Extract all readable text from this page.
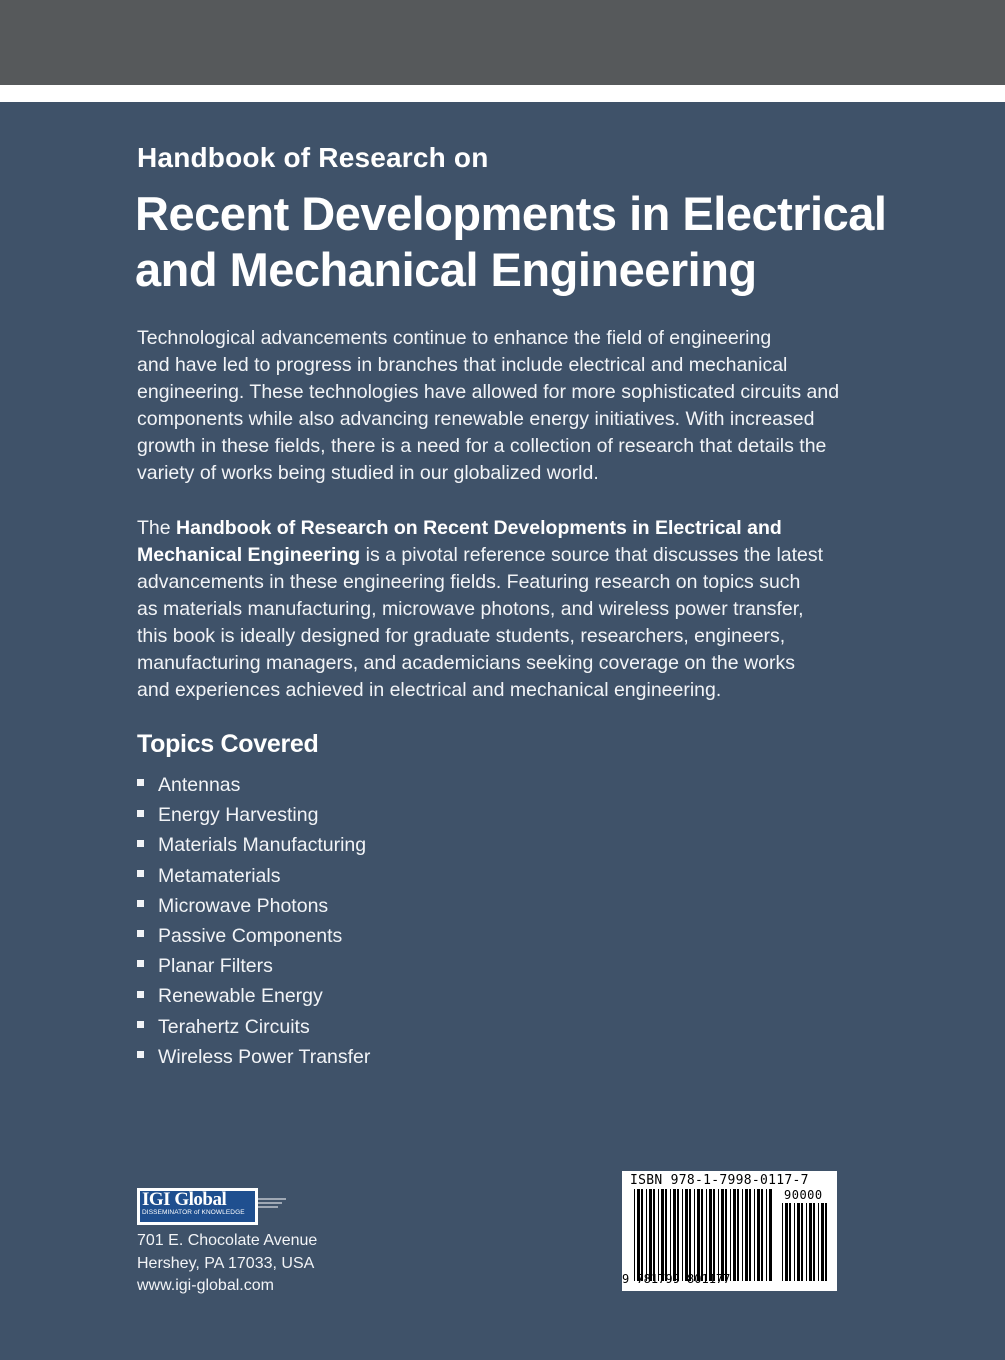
Handbook of Research on
Recent Developments in Electrical
and Mechanical Engineering
Technological advancements continue to enhance the field of engineering
and have led to progress in branches that include electrical and mechanical
engineering. These technologies have allowed for more sophisticated circuits and
components while also advancing renewable energy initiatives. With increased
growth in these fields, there is a need for a collection of research that details the
variety of works being studied in our globalized world.
The Handbook of Research on Recent Developments in Electrical and
Mechanical Engineering is a pivotal reference source that discusses the latest
advancements in these engineering fields. Featuring research on topics such
as materials manufacturing, microwave photons, and wireless power transfer,
this book is ideally designed for graduate students, researchers, engineers,
manufacturing managers, and academicians seeking coverage on the works
and experiences achieved in electrical and mechanical engineering.
Topics Covered
Antennas
Energy Harvesting
Materials Manufacturing
Metamaterials
Microwave Photons
Passive Components
Planar Filters
Renewable Energy
Terahertz Circuits
Wireless Power Transfer
IGI Global
DISSEMINATOR of KNOWLEDGE
701 E. Chocolate Avenue
Hershey, PA 17033, USA
www.igi-global.com
ISBN 978-1-7998-0117-7
90000
9 781799 801177
